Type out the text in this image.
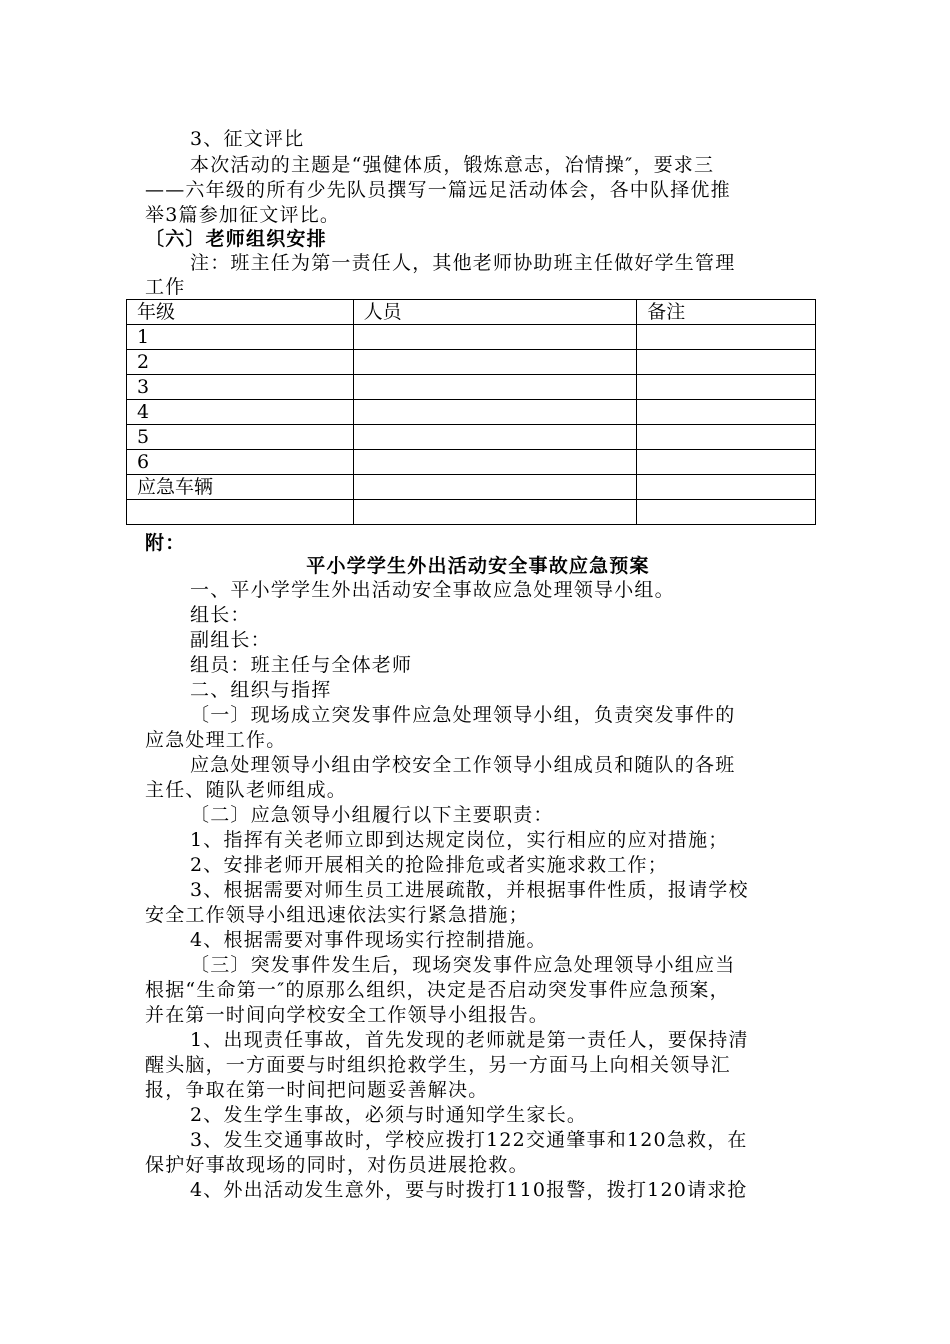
3、征文评比
本次活动的主题是“强健体质，锻炼意志，冶情操″，要求三
——六年级的所有少先队员撰写一篇远足活动体会，各中队择优推
举3篇参加征文评比。
〔六〕老师组织安排
注：班主任为第一责任人，其他老师协助班主任做好学生管理
工作
年级	人员	备注
1		
2		
3		
4		
5		
6		
应急车辆		

附：
平小学学生外出活动安全事故应急预案
一、平小学学生外出活动安全事故应急处理领导小组。
组长：
副组长：
组员：班主任与全体老师
二、组织与指挥
〔一〕现场成立突发事件应急处理领导小组，负责突发事件的
应急处理工作。
应急处理领导小组由学校安全工作领导小组成员和随队的各班
主任、随队老师组成。
〔二〕应急领导小组履行以下主要职责：
1、指挥有关老师立即到达规定岗位，实行相应的应对措施；
2、安排老师开展相关的抢险排危或者实施求救工作；
3、根据需要对师生员工进展疏散，并根据事件性质，报请学校
安全工作领导小组迅速依法实行紧急措施；
4、根据需要对事件现场实行控制措施。
〔三〕突发事件发生后，现场突发事件应急处理领导小组应当
根据“生命第一″的原那么组织，决定是否启动突发事件应急预案，
并在第一时间向学校安全工作领导小组报告。
1、出现责任事故，首先发现的老师就是第一责任人，要保持清
醒头脑，一方面要与时组织抢救学生，另一方面马上向相关领导汇
报，争取在第一时间把问题妥善解决。
2、发生学生事故，必须与时通知学生家长。
3、发生交通事故时，学校应拨打122交通肇事和120急救，在
保护好事故现场的同时，对伤员进展抢救。
4、外出活动发生意外，要与时拨打110报警，拨打120请求抢
